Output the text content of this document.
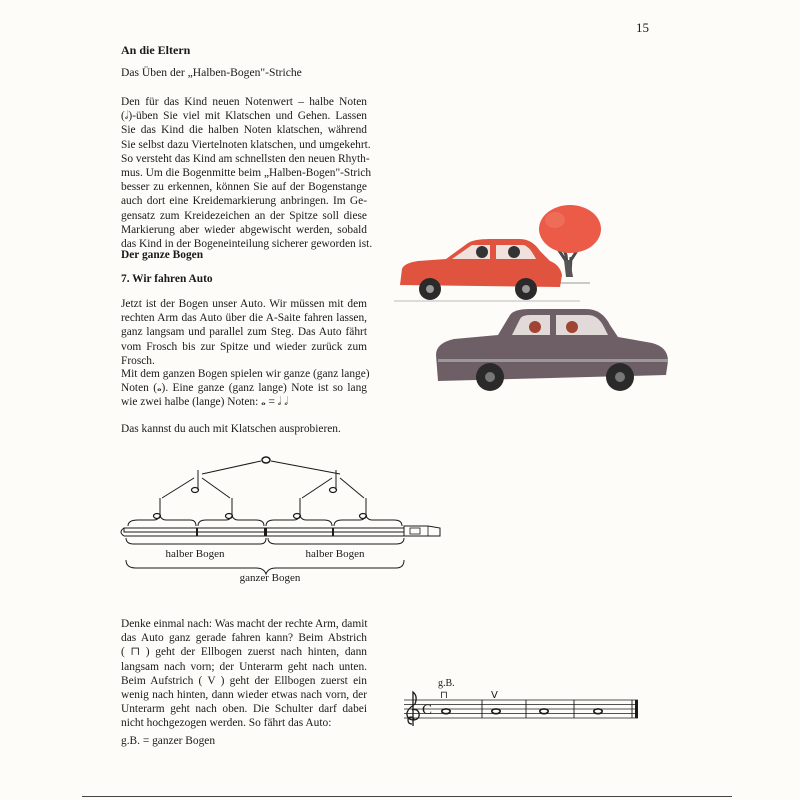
15
An die Eltern
Das Üben der „Halben-Bogen"-Striche
Den für das Kind neuen Notenwert – halbe Noten
(𝅗𝅥)-üben Sie viel mit Klatschen und Gehen. Lassen
Sie das Kind die halben Noten klatschen, während
Sie selbst dazu Viertelnoten klatschen, und umgekehrt.
So versteht das Kind am schnellsten den neuen Rhyth-
mus. Um die Bogenmitte beim „Halben-Bogen"-Strich
besser zu erkennen, können Sie auf der Bogenstange
auch dort eine Kreidemarkierung anbringen. Im Ge-
gensatz zum Kreidezeichen an der Spitze soll diese
Markierung aber wieder abgewischt werden, sobald
das Kind in der Bogeneinteilung sicherer geworden ist.
Der ganze Bogen
7. Wir fahren Auto
Jetzt ist der Bogen unser Auto. Wir müssen mit dem
rechten Arm das Auto über die A-Saite fahren lassen,
ganz langsam und parallel zum Steg. Das Auto fährt
vom Frosch bis zur Spitze und wieder zurück zum
Frosch.
Mit dem ganzen Bogen spielen wir ganze (ganz lange)
Noten (𝅝). Eine ganze (ganz lange) Note ist so lang
wie zwei halbe (lange) Noten: 𝅝 = 𝅗𝅥 𝅗𝅥
Das kannst du auch mit Klatschen ausprobieren.
halber Bogen	halber Bogen
ganzer Bogen
Denke einmal nach: Was macht der rechte Arm, damit
das Auto ganz gerade fahren kann? Beim Abstrich
( ⊓ ) geht der Ellbogen zuerst nach hinten, dann
langsam nach vorn; der Unterarm geht nach unten.
Beim Aufstrich ( V ) geht der Ellbogen zuerst ein
wenig nach hinten, dann wieder etwas nach vorn, der
Unterarm geht nach oben. Die Schulter darf dabei
nicht hochgezogen werden. So fährt das Auto:
g.B. = ganzer Bogen
g.B.
⊓	V
C
